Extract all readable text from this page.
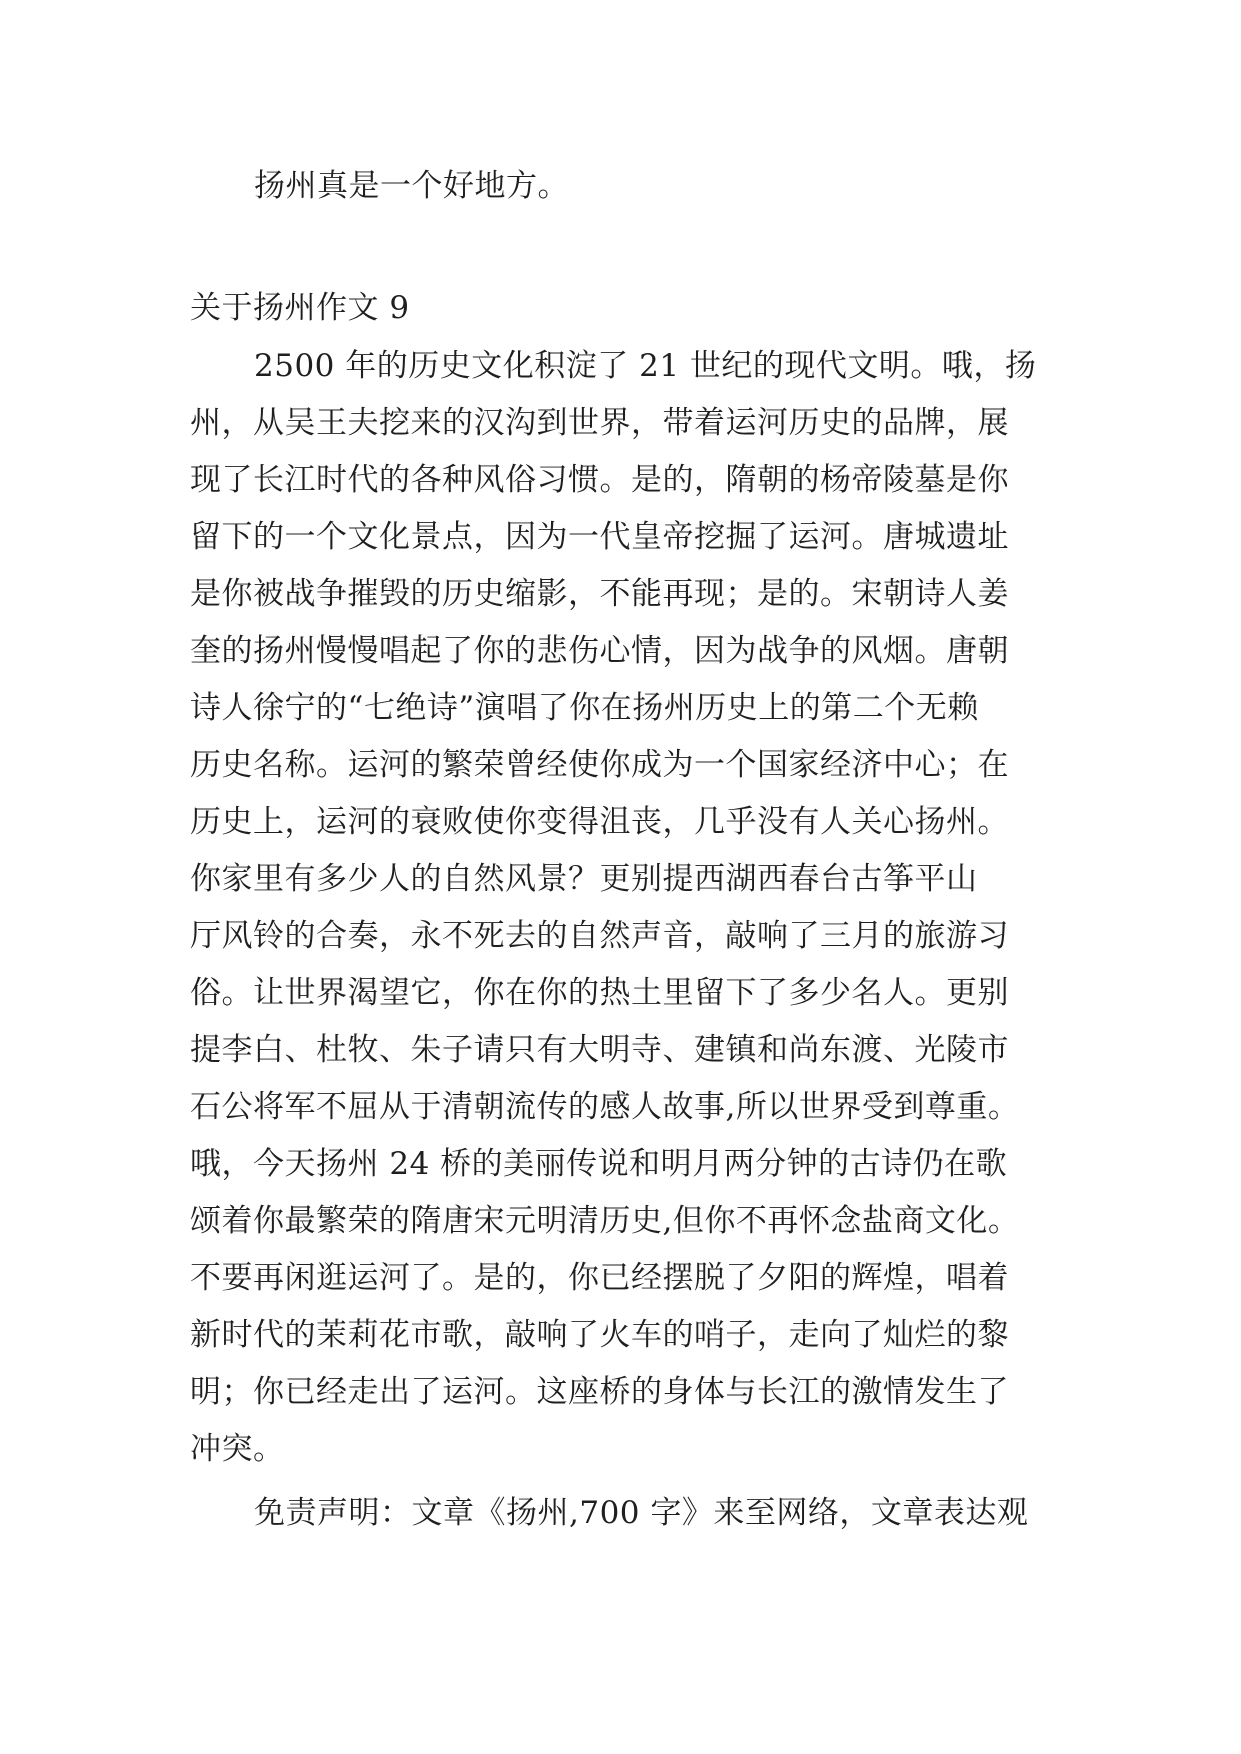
扬州真是一个好地方。
关于扬州作文 9
2500 年的历史文化积淀了 21 世纪的现代文明。哦，扬
州，从吴王夫挖来的汉沟到世界，带着运河历史的品牌，展
现了长江时代的各种风俗习惯。是的，隋朝的杨帝陵墓是你
留下的一个文化景点，因为一代皇帝挖掘了运河。唐城遗址
是你被战争摧毁的历史缩影，不能再现；是的。宋朝诗人姜
奎的扬州慢慢唱起了你的悲伤心情，因为战争的风烟。唐朝
诗人徐宁的“七绝诗”演唱了你在扬州历史上的第二个无赖
历史名称。运河的繁荣曾经使你成为一个国家经济中心；在
历史上，运河的衰败使你变得沮丧，几乎没有人关心扬州。
你家里有多少人的自然风景？更别提西湖西春台古筝平山
厅风铃的合奏，永不死去的自然声音，敲响了三月的旅游习
俗。让世界渴望它，你在你的热土里留下了多少名人。更别
提李白、杜牧、朱子请只有大明寺、建镇和尚东渡、光陵市
石公将军不屈从于清朝流传的感人故事,所以世界受到尊重。
哦，今天扬州 24 桥的美丽传说和明月两分钟的古诗仍在歌
颂着你最繁荣的隋唐宋元明清历史,但你不再怀念盐商文化。
不要再闲逛运河了。是的，你已经摆脱了夕阳的辉煌，唱着
新时代的茉莉花市歌，敲响了火车的哨子，走向了灿烂的黎
明；你已经走出了运河。这座桥的身体与长江的激情发生了
冲突。
免责声明：文章《扬州,700 字》来至网络，文章表达观
